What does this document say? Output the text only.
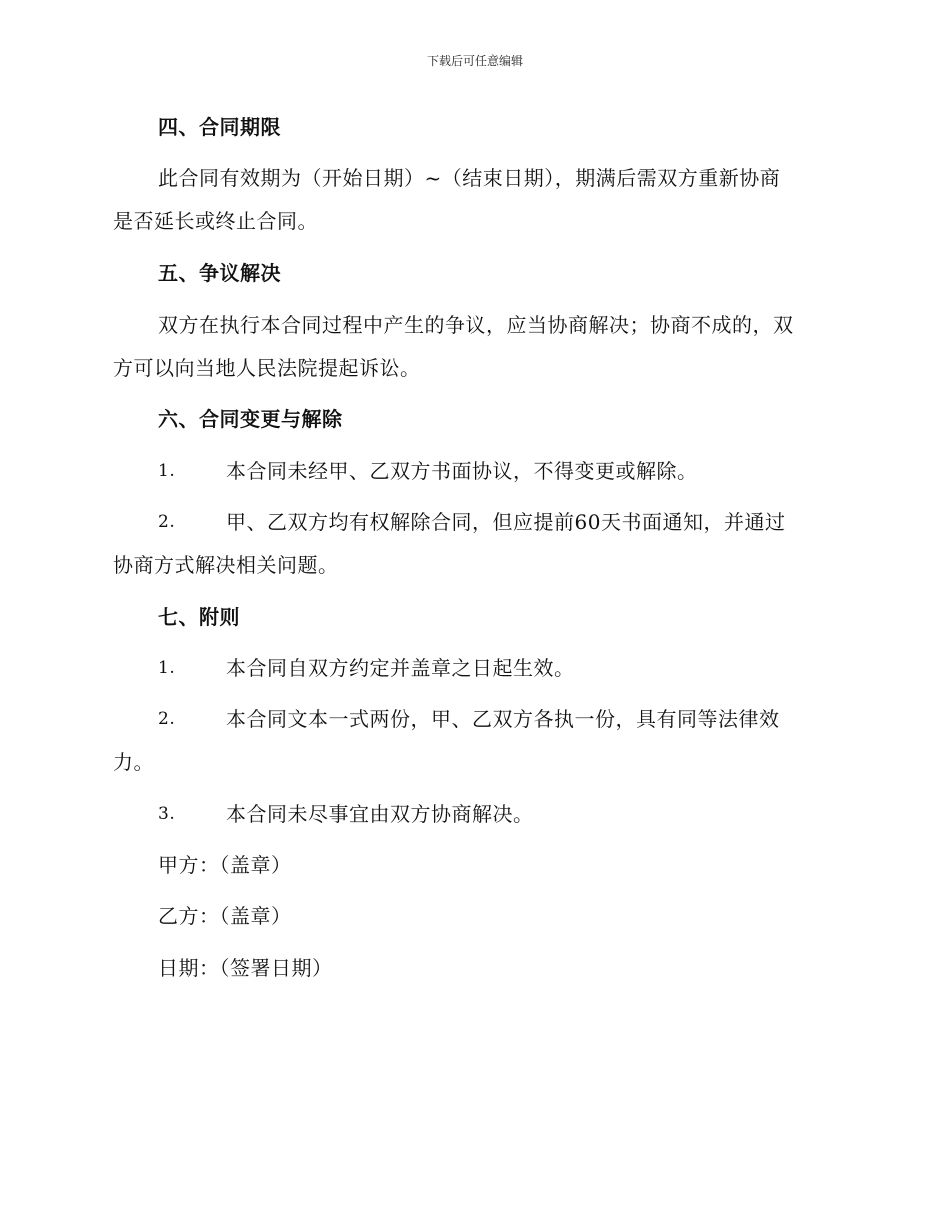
下载后可任意编辑
四、合同期限
此合同有效期为（开始日期）~（结束日期），期满后需双方重新协商
是否延长或终止合同。
五、争议解决
双方在执行本合同过程中产生的争议，应当协商解决；协商不成的，双
方可以向当地人民法院提起诉讼。
六、合同变更与解除
1.	本合同未经甲、乙双方书面协议，不得变更或解除。
2.	甲、乙双方均有权解除合同，但应提前60天书面通知，并通过
协商方式解决相关问题。
七、附则
1.	本合同自双方约定并盖章之日起生效。
2.	本合同文本一式两份，甲、乙双方各执一份，具有同等法律效
力。
3.	本合同未尽事宜由双方协商解决。
甲方：（盖章）
乙方：（盖章）
日期：（签署日期）
